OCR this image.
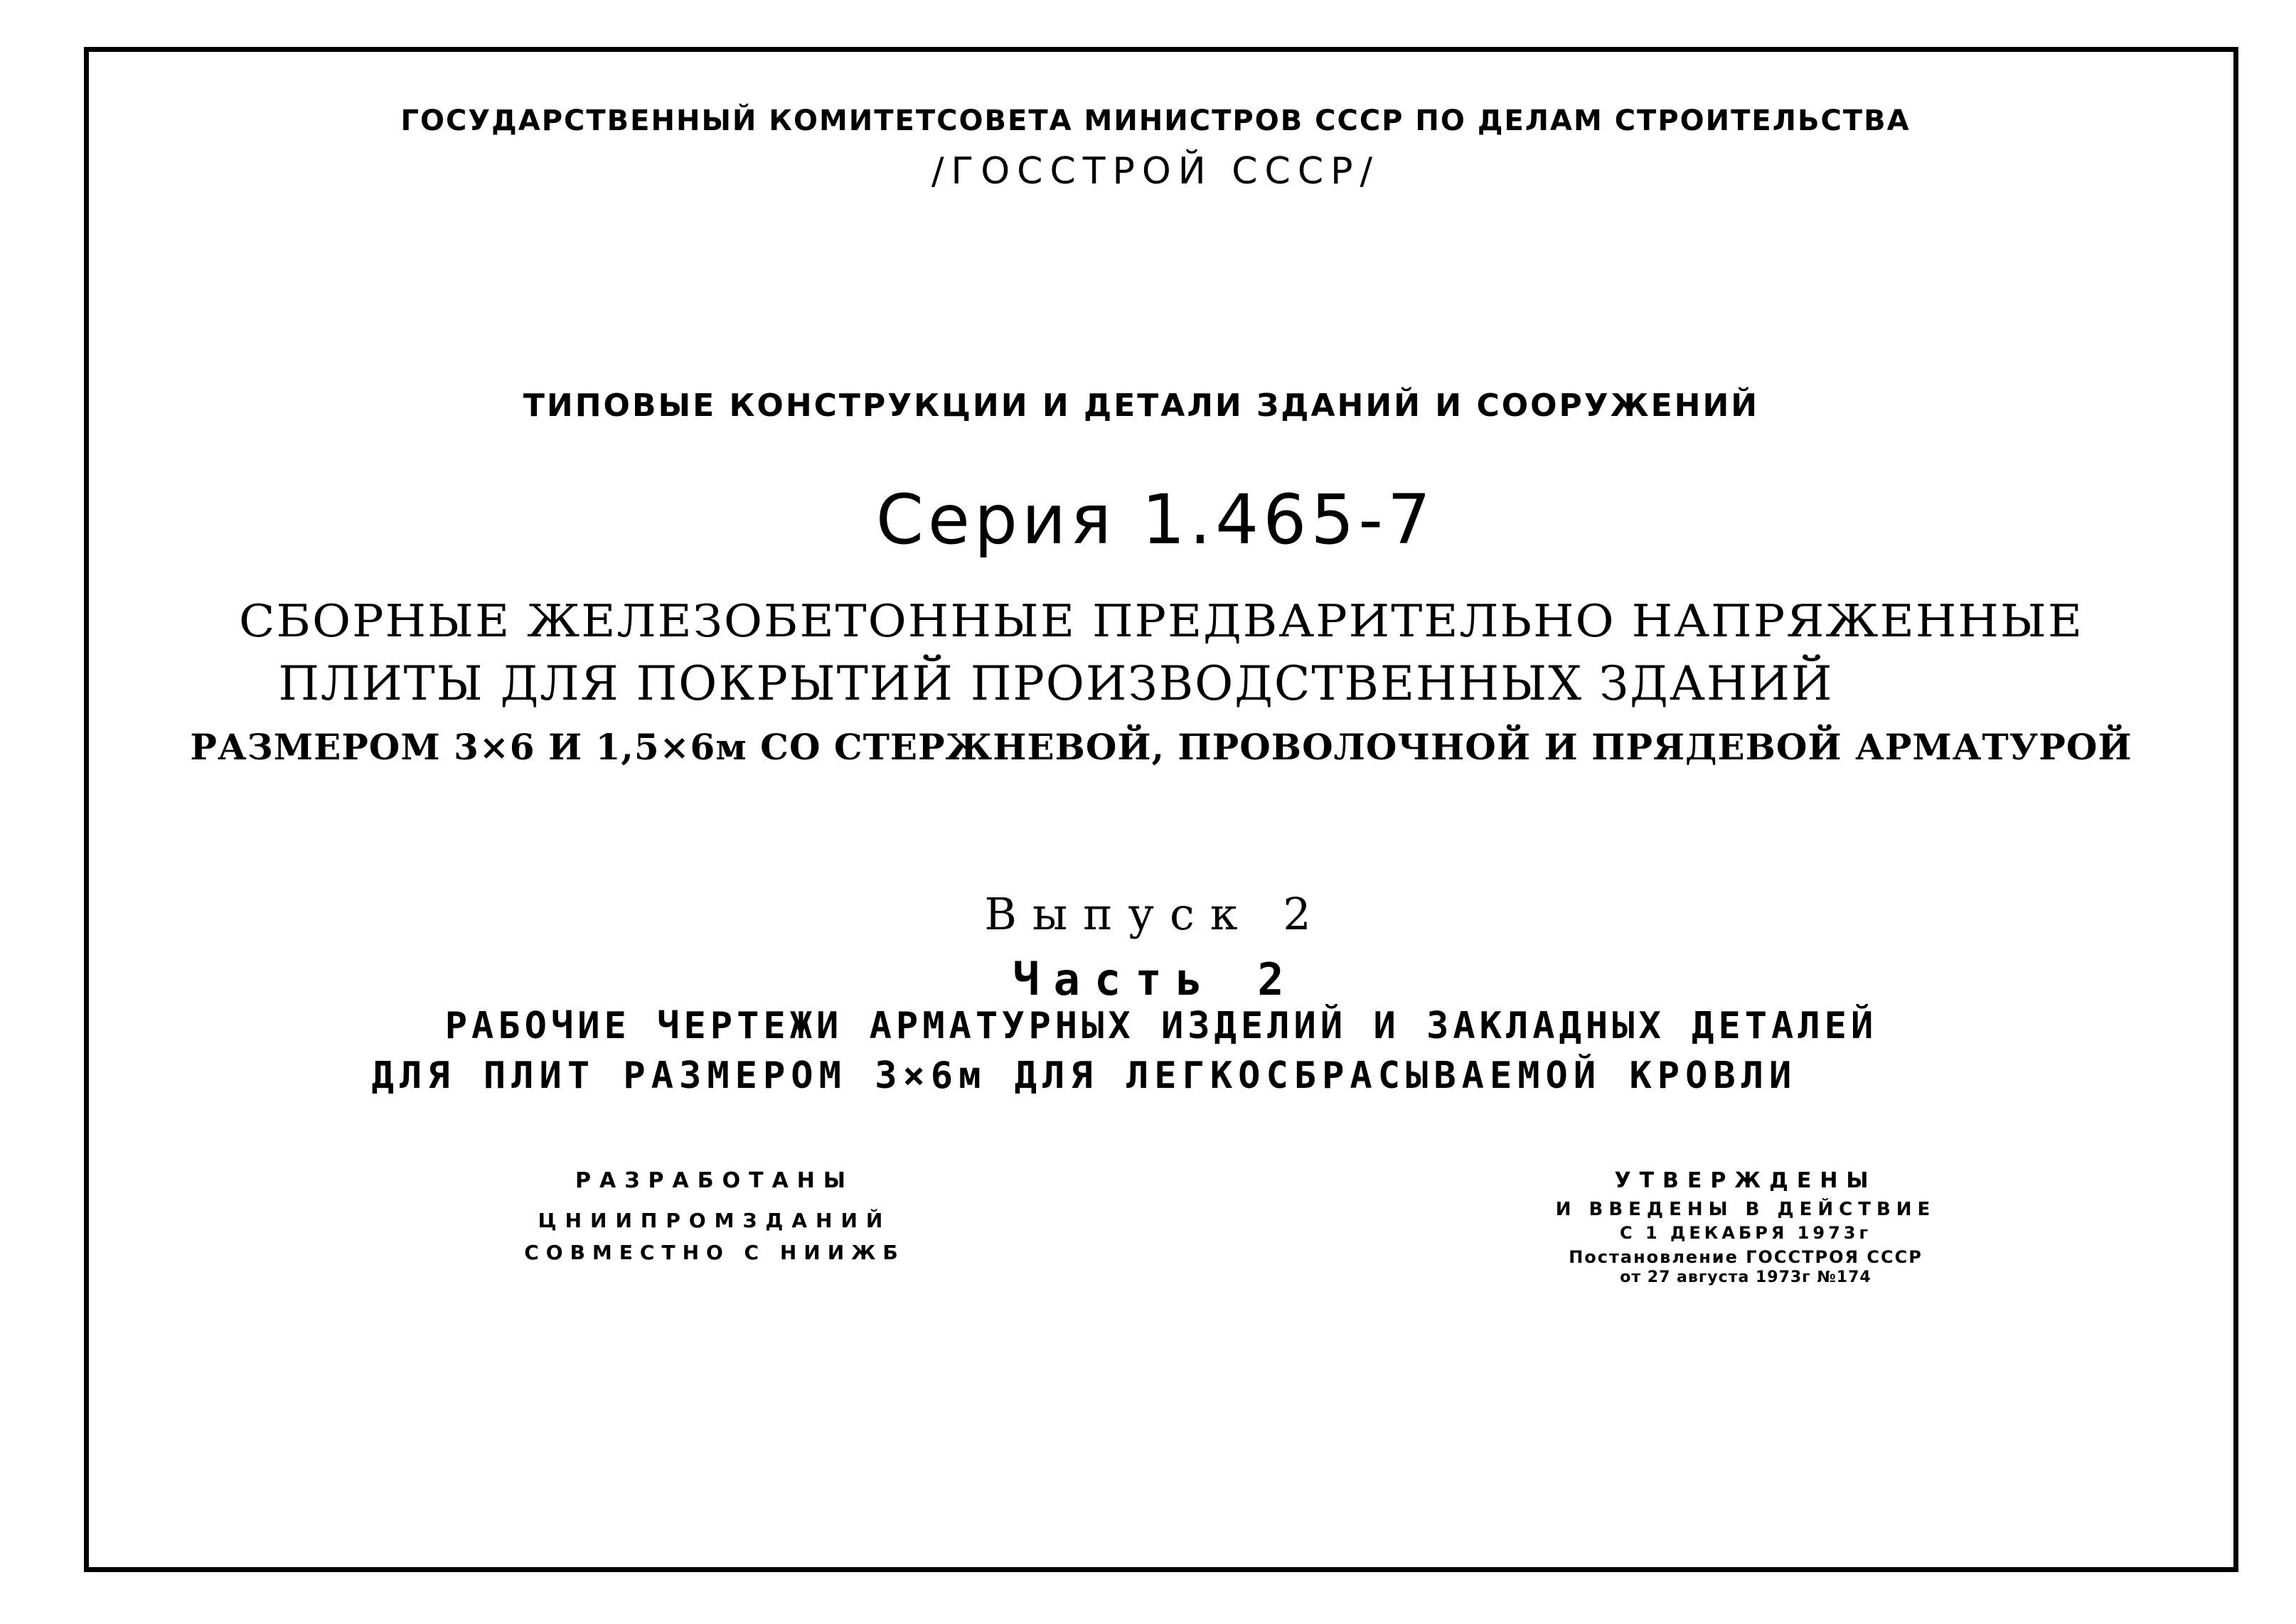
ГОСУДАРСТВЕННЫЙ КОМИТЕТСОВЕТА МИНИСТРОВ СССР ПО ДЕЛАМ СТРОИТЕЛЬСТВА
/ГОССТРОЙ СССР/
ТИПОВЫЕ КОНСТРУКЦИИ И ДЕТАЛИ ЗДАНИЙ И СООРУЖЕНИЙ
Серия 1.465-7
СБОРНЫЕ ЖЕЛЕЗОБЕТОННЫЕ ПРЕДВАРИТЕЛЬНО НАПРЯЖЕННЫЕ
ПЛИТЫ ДЛЯ ПОКРЫТИЙ ПРОИЗВОДСТВЕННЫХ ЗДАНИЙ
РАЗМЕРОМ 3×6 И 1,5×6м СО СТЕРЖНЕВОЙ, ПРОВОЛОЧНОЙ И ПРЯДЕВОЙ АРМАТУРОЙ
Выпуск 2
Часть 2
РАБОЧИЕ ЧЕРТЕЖИ АРМАТУРНЫХ ИЗДЕЛИЙ И ЗАКЛАДНЫХ ДЕТАЛЕЙ
ДЛЯ ПЛИТ РАЗМЕРОМ 3×6м ДЛЯ ЛЕГКОСБРАСЫВАЕМОЙ КРОВЛИ
РАЗРАБОТАНЫ
ЦНИИПРОМЗДАНИЙ
СОВМЕСТНО С НИИЖБ
УТВЕРЖДЕНЫ
И ВВЕДЕНЫ В ДЕЙСТВИЕ
С 1 ДЕКАБРЯ 1973г
Постановление ГОССТРОЯ СССР
от 27 августа 1973г №174
